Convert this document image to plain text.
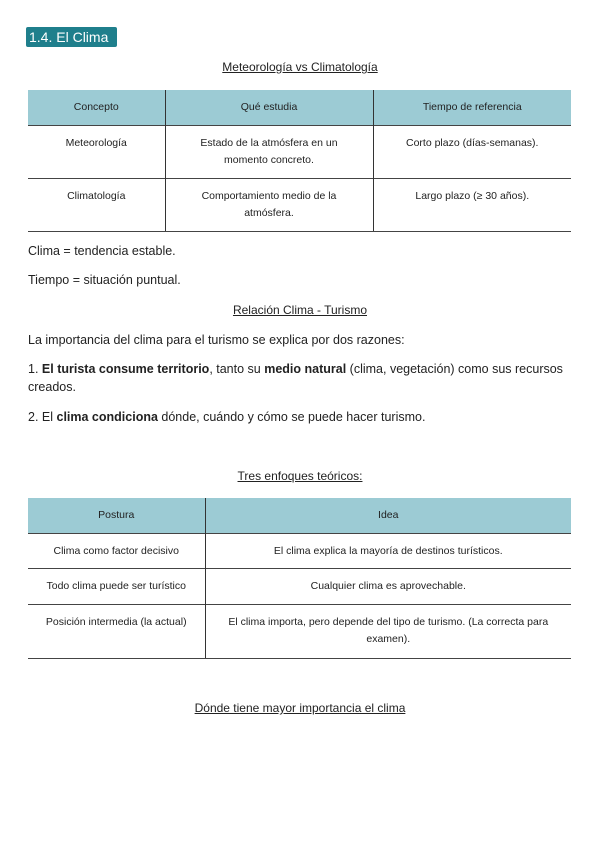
1.4. El Clima
Meteorología vs Climatología
Concepto	Qué estudia	Tiempo de referencia
Meteorología	Estado de la atmósfera en un momento concreto.	Corto plazo (días-semanas).
Climatología	Comportamiento medio de la atmósfera.	Largo plazo (≥ 30 años).
Clima = tendencia estable.
Tiempo = situación puntual.
Relación Clima - Turismo
La importancia del clima para el turismo se explica por dos razones:
1. El turista consume territorio, tanto su medio natural (clima, vegetación) como sus recursos creados.
2. El clima condiciona dónde, cuándo y cómo se puede hacer turismo.
Tres enfoques teóricos:
Postura	Idea
Clima como factor decisivo	El clima explica la mayoría de destinos turísticos.
Todo clima puede ser turístico	Cualquier clima es aprovechable.
Posición intermedia (la actual)	El clima importa, pero depende del tipo de turismo. (La correcta para examen).
Dónde tiene mayor importancia el clima
